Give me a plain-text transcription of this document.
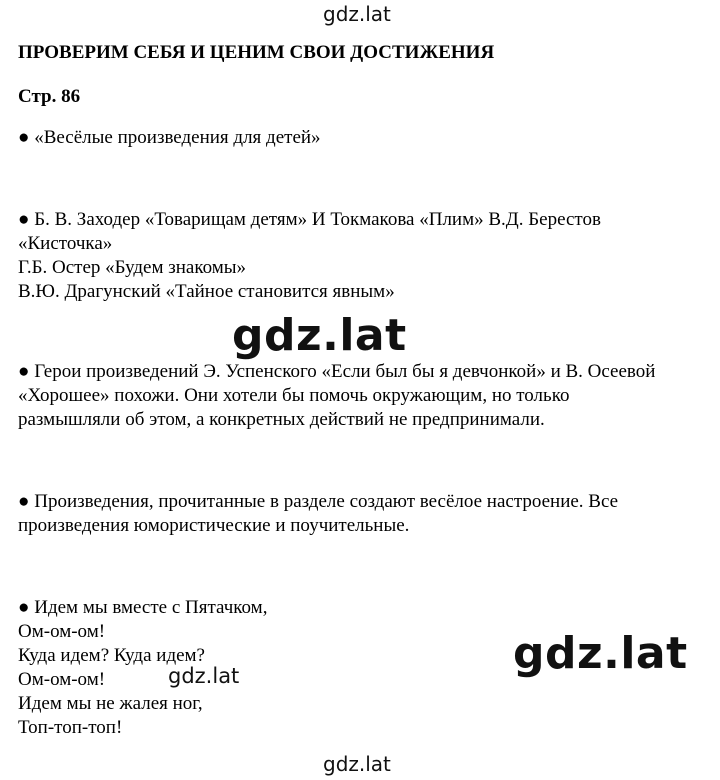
gdz.lat
ПРОВЕРИМ СЕБЯ И ЦЕНИМ СВОИ ДОСТИЖЕНИЯ
Стр. 86
● «Весёлые произведения для детей»
● Б. В. Заходер «Товарищам детям» И Токмакова «Плим» В.Д. Берестов
«Кисточка»
Г.Б. Остер «Будем знакомы»
В.Ю. Драгунский «Тайное становится явным»
gdz.lat
● Герои произведений Э. Успенского «Если был бы я девчонкой» и В. Осеевой
«Хорошее» похожи. Они хотели бы помочь окружающим, но только
размышляли об этом, а конкретных действий не предпринимали.
● Произведения, прочитанные в разделе создают весёлое настроение. Все
произведения юмористические и поучительные.
● Идем мы вместе с Пятачком,
Ом-ом-ом!
Куда идем? Куда идем?
Ом-ом-ом!
Идем мы не жалея ног,
Топ-топ-топ!
gdz.lat	gdz.lat
gdz.lat
